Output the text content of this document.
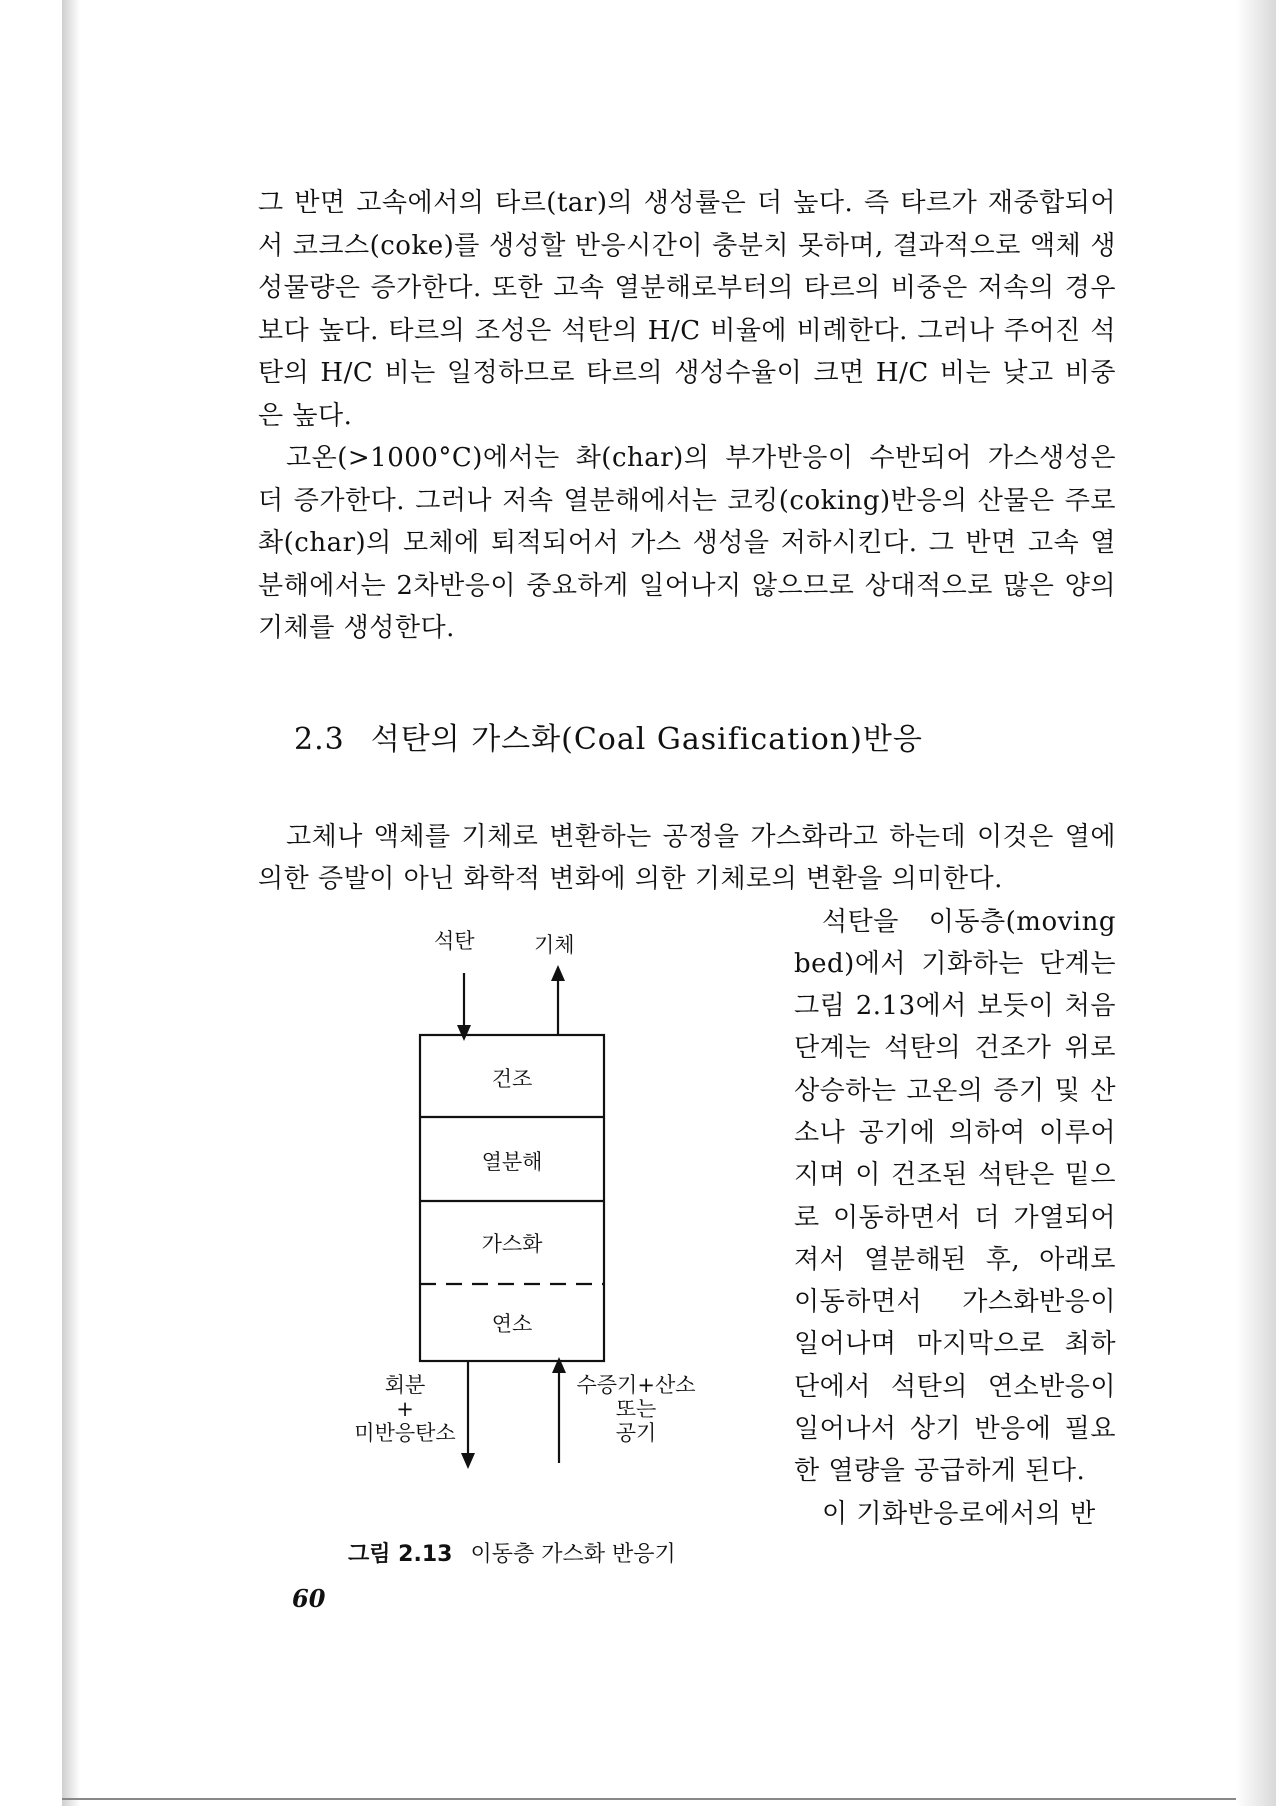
그 반면 고속에서의 타르(tar)의 생성률은 더 높다. 즉 타르가 재중합되어서 코크스(coke)를 생성할 반응시간이 충분치 못하며, 결과적으로 액체 생성물량은 증가한다. 또한 고속 열분해로부터의 타르의 비중은 저속의 경우보다 높다. 타르의 조성은 석탄의 H/C 비율에 비례한다. 그러나 주어진 석탄의 H/C 비는 일정하므로 타르의 생성수율이 크면 H/C 비는 낮고 비중은 높다.

고온(>1000°C)에서는 촤(char)의 부가반응이 수반되어 가스생성은 더 증가한다. 그러나 저속 열분해에서는 코킹(coking)반응의 산물은 주로 촤(char)의 모체에 퇴적되어서 가스 생성을 저하시킨다. 그 반면 고속 열분해에서는 2차반응이 중요하게 일어나지 않으므로 상대적으로 많은 양의 기체를 생성한다.

2.3 석탄의 가스화(Coal Gasification)반응

고체나 액체를 기체로 변환하는 공정을 가스화라고 하는데 이것은 열에 의한 증발이 아닌 화학적 변화에 의한 기체로의 변환을 의미한다.

석탄	기체
건조
열분해
가스화
연소
회분
+
미반응탄소
수증기+산소
또는
공기
그림 2.13 이동층 가스화 반응기

석탄을 이동층(moving bed)에서 기화하는 단계는 그림 2.13에서 보듯이 처음 단계는 석탄의 건조가 위로 상승하는 고온의 증기 및 산소나 공기에 의하여 이루어지며 이 건조된 석탄은 밑으로 이동하면서 더 가열되어져서 열분해된 후, 아래로 이동하면서 가스화반응이 일어나며 마지막으로 최하단에서 석탄의 연소반응이 일어나서 상기 반응에 필요한 열량을 공급하게 된다.

이 기화반응로에서의 반

60
